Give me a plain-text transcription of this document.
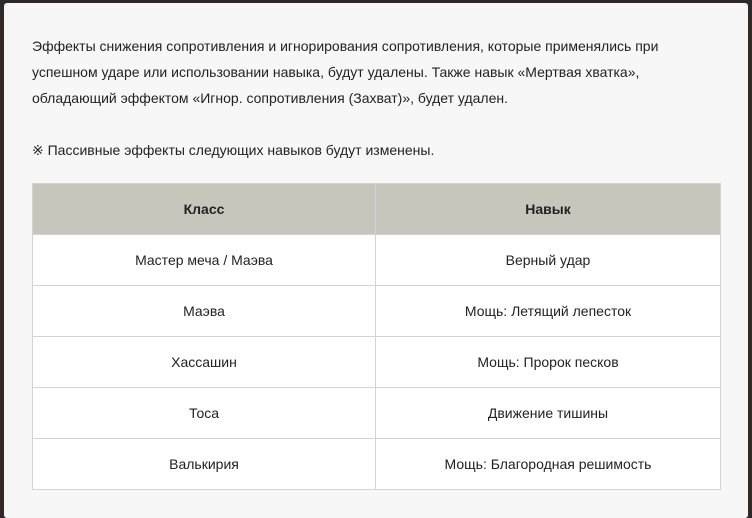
Эффекты снижения сопротивления и игнорирования сопротивления, которые применялись при
успешном ударе или использовании навыка, будут удалены. Также навык «Мертвая хватка»,
обладающий эффектом «Игнор. сопротивления (Захват)», будет удален.

※ Пассивные эффекты следующих навыков будут изменены.

Класс	Навык
Мастер меча / Маэва	Верный удар
Маэва	Мощь: Летящий лепесток
Хассашин	Мощь: Пророк песков
Тоса	Движение тишины
Валькирия	Мощь: Благородная решимость
